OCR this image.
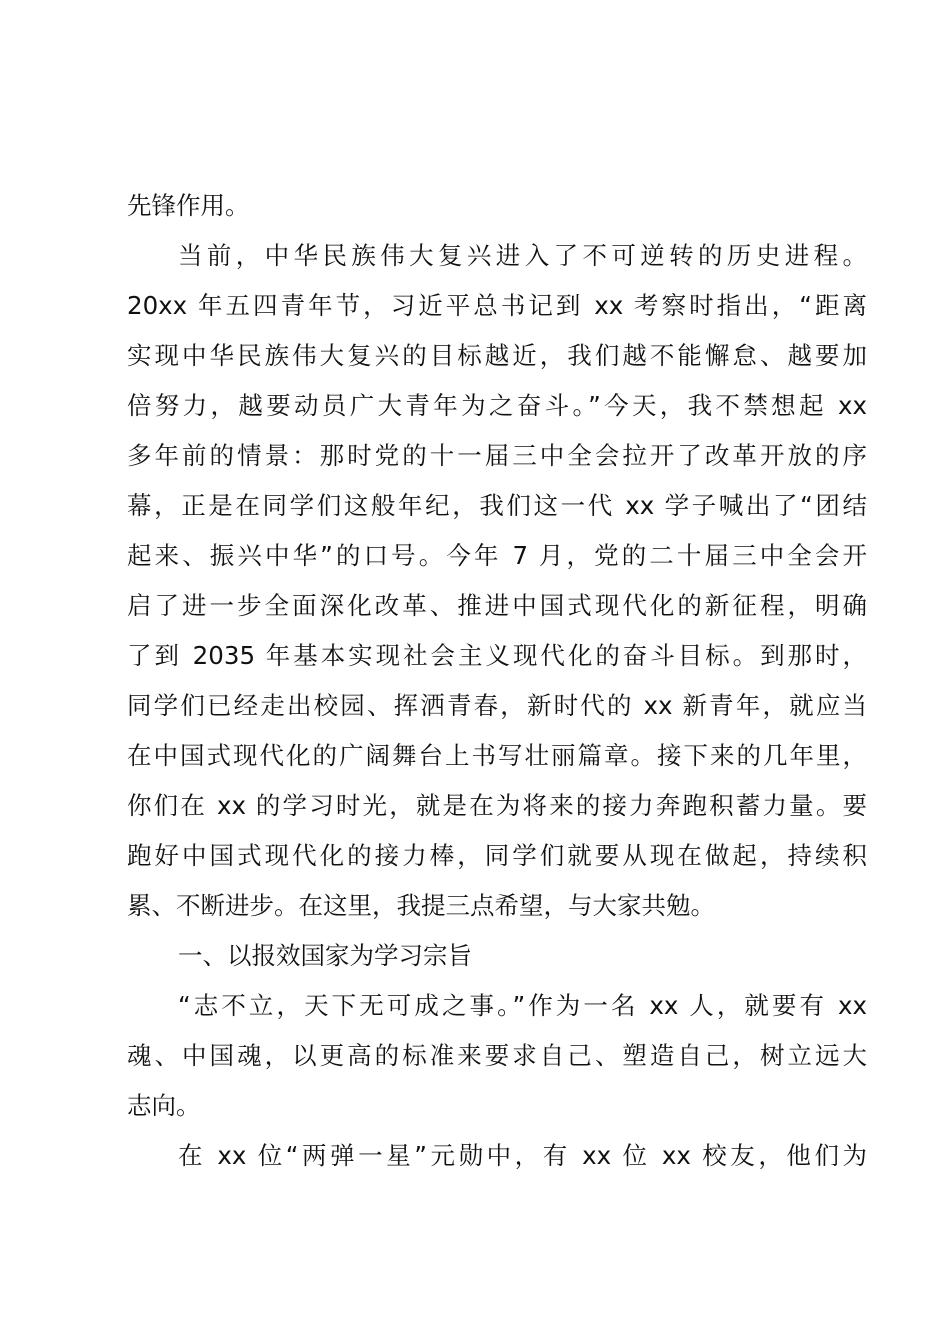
先锋作用。
当前，中华民族伟大复兴进入了不可逆转的历史进程。
20xx 年五四青年节，习近平总书记到 xx 考察时指出，“距离
实现中华民族伟大复兴的目标越近，我们越不能懈怠、越要加
倍努力，越要动员广大青年为之奋斗。”今天，我不禁想起 xx
多年前的情景：那时党的十一届三中全会拉开了改革开放的序
幕，正是在同学们这般年纪，我们这一代 xx 学子喊出了“团结
起来、振兴中华”的口号。今年 7 月，党的二十届三中全会开
启了进一步全面深化改革、推进中国式现代化的新征程，明确
了到 2035 年基本实现社会主义现代化的奋斗目标。到那时，
同学们已经走出校园、挥洒青春，新时代的 xx 新青年，就应当
在中国式现代化的广阔舞台上书写壮丽篇章。接下来的几年里，
你们在 xx 的学习时光，就是在为将来的接力奔跑积蓄力量。要
跑好中国式现代化的接力棒，同学们就要从现在做起，持续积
累、不断进步。在这里，我提三点希望，与大家共勉。
一、以报效国家为学习宗旨
“志不立，天下无可成之事。”作为一名 xx 人，就要有 xx
魂、中国魂，以更高的标准来要求自己、塑造自己，树立远大
志向。
在 xx 位“两弹一星”元勋中，有 xx 位 xx 校友，他们为
